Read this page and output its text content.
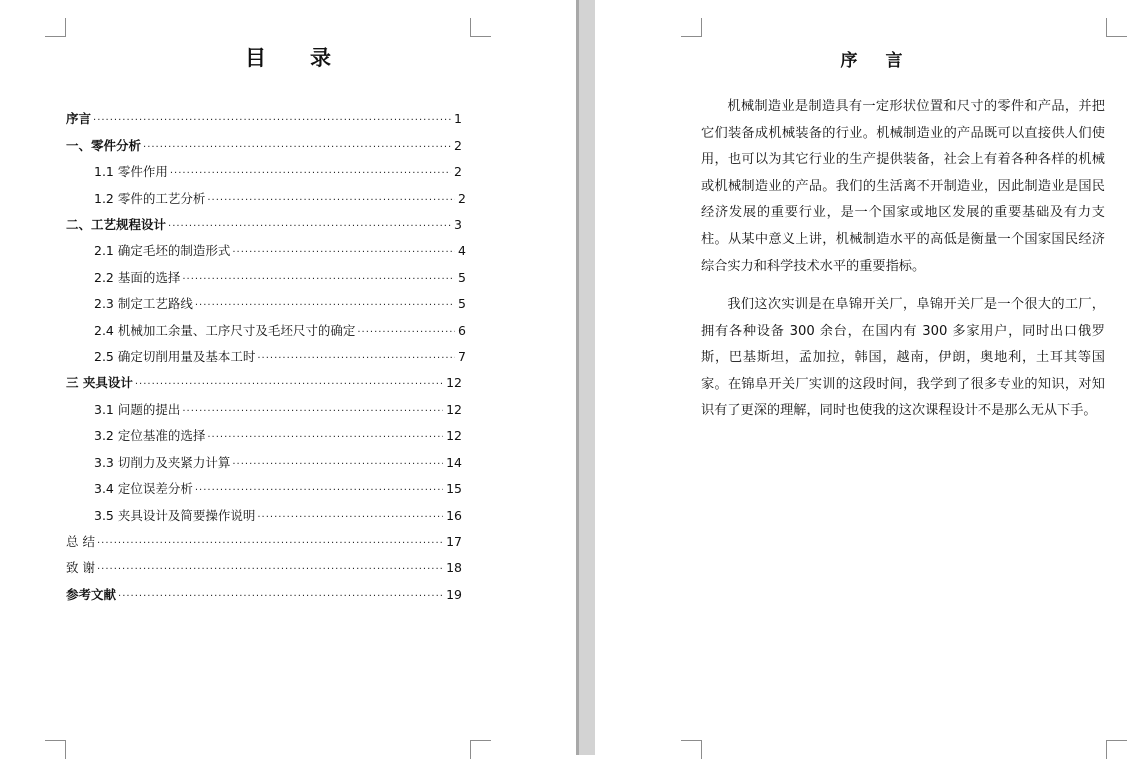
目 录
序言 ·····	1
一、零件分析 ·····	2
1.1 零件作用 ·····	2
1.2 零件的工艺分析 ·····	2
二、工艺规程设计 ·····	3
2.1 确定毛坯的制造形式 ·····	4
2.2 基面的选择 ·····	5
2.3 制定工艺路线 ·····	5
2.4 机械加工余量、工序尺寸及毛坯尺寸的确定 ·····	6
2.5 确定切削用量及基本工时 ·····	7
三 夹具设计 ·····	12
3.1 问题的提出 ·····	12
3.2 定位基准的选择 ·····	12
3.3 切削力及夹紧力计算 ·····	14
3.4 定位误差分析 ·····	15
3.5 夹具设计及简要操作说明 ·····	16
总 结 ·····	17
致 谢 ·····	18
参考文献 ·····	19
序 言

机械制造业是制造具有一定形状位置和尺寸的零件和产品，并把它们装备成机械装备的行业。机械制造业的产品既可以直接供人们使用，也可以为其它行业的生产提供装备，社会上有着各种各样的机械或机械制造业的产品。我们的生活离不开制造业，因此制造业是国民经济发展的重要行业，是一个国家或地区发展的重要基础及有力支柱。从某中意义上讲，机械制造水平的高低是衡量一个国家国民经济综合实力和科学技术水平的重要指标。

我们这次实训是在阜锦开关厂，阜锦开关厂是一个很大的工厂，拥有各种设备 300 余台，在国内有 300 多家用户，同时出口俄罗斯，巴基斯坦，孟加拉，韩国，越南，伊朗，奥地利，土耳其等国家。在锦阜开关厂实训的这段时间，我学到了很多专业的知识，对知识有了更深的理解，同时也使我的这次课程设计不是那么无从下手。
